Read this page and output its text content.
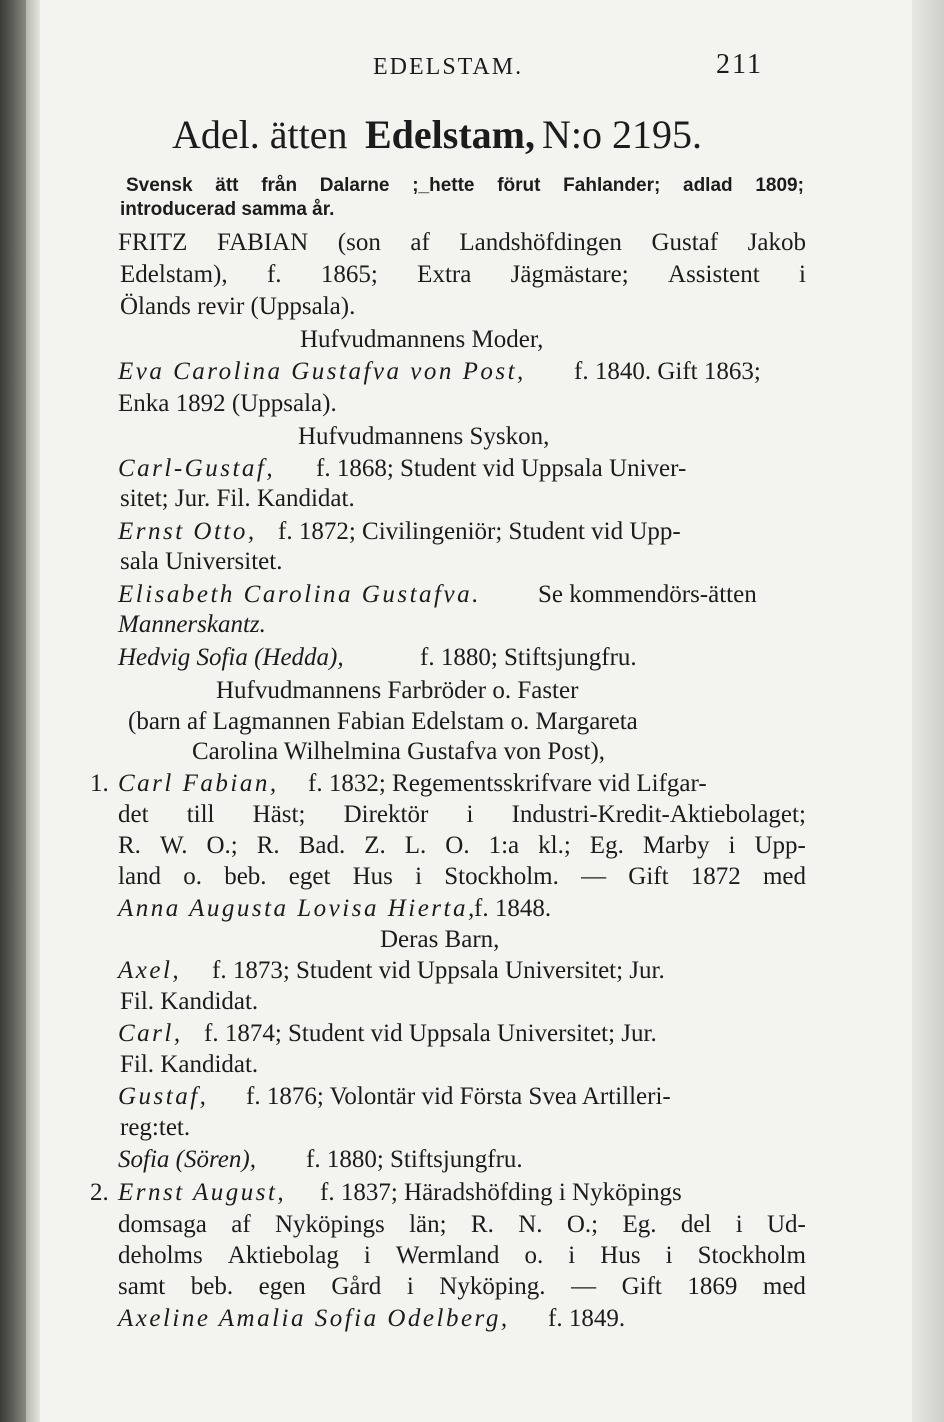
EDELSTAM.	211
Adel. ätten Edelstam, N:o 2195.
Svensk ätt från Dalarne ;_hette förut Fahlander; adlad 1809;
introducerad samma år.
FRITZ FABIAN (son af Landshöfdingen Gustaf Jakob
Edelstam), f. 1865; Extra Jägmästare; Assistent i
Ölands revir (Uppsala).
Hufvudmannens Moder,
Eva Carolina Gustafva von Post, f. 1840. Gift 1863;
Enka 1892 (Uppsala).
Hufvudmannens Syskon,
Carl-Gustaf, f. 1868; Student vid Uppsala Univer-
sitet; Jur. Fil. Kandidat.
Ernst Otto, f. 1872; Civilingeniör; Student vid Upp-
sala Universitet.
Elisabeth Carolina Gustafva. Se kommendörs-ätten
Mannerskantz.
Hedvig Sofia (Hedda),	f. 1880; Stiftsjungfru.
Hufvudmannens Farbröder o. Faster
(barn af Lagmannen Fabian Edelstam o. Margareta
Carolina Wilhelmina Gustafva von Post),
1. Carl Fabian, f. 1832; Regementsskrifvare vid Lifgar-
det till Häst; Direktör i Industri-Kredit-Aktiebolaget;
R. W. O.; R. Bad. Z. L. O. 1:a kl.; Eg. Marby i Upp-
land o. beb. eget Hus i Stockholm. — Gift 1872 med
Anna Augusta Lovisa Hierta,
f. 1848.
Deras Barn,
Axel, f. 1873; Student vid Uppsala Universitet; Jur.
Fil. Kandidat.
Carl, f. 1874; Student vid Uppsala Universitet; Jur.
Fil. Kandidat.
Gustaf, f. 1876; Volontär vid Första Svea Artilleri-
reg:tet.
Sofia (Sören), f. 1880; Stiftsjungfru.
2. Ernst August, f. 1837; Häradshöfding i Nyköpings
domsaga af Nyköpings län; R. N. O.; Eg. del i Ud-
deholms Aktiebolag i Wermland o. i Hus i Stockholm
samt beb. egen Gård i Nyköping. — Gift 1869 med
Axeline Amalia Sofia Odelberg, f. 1849.
